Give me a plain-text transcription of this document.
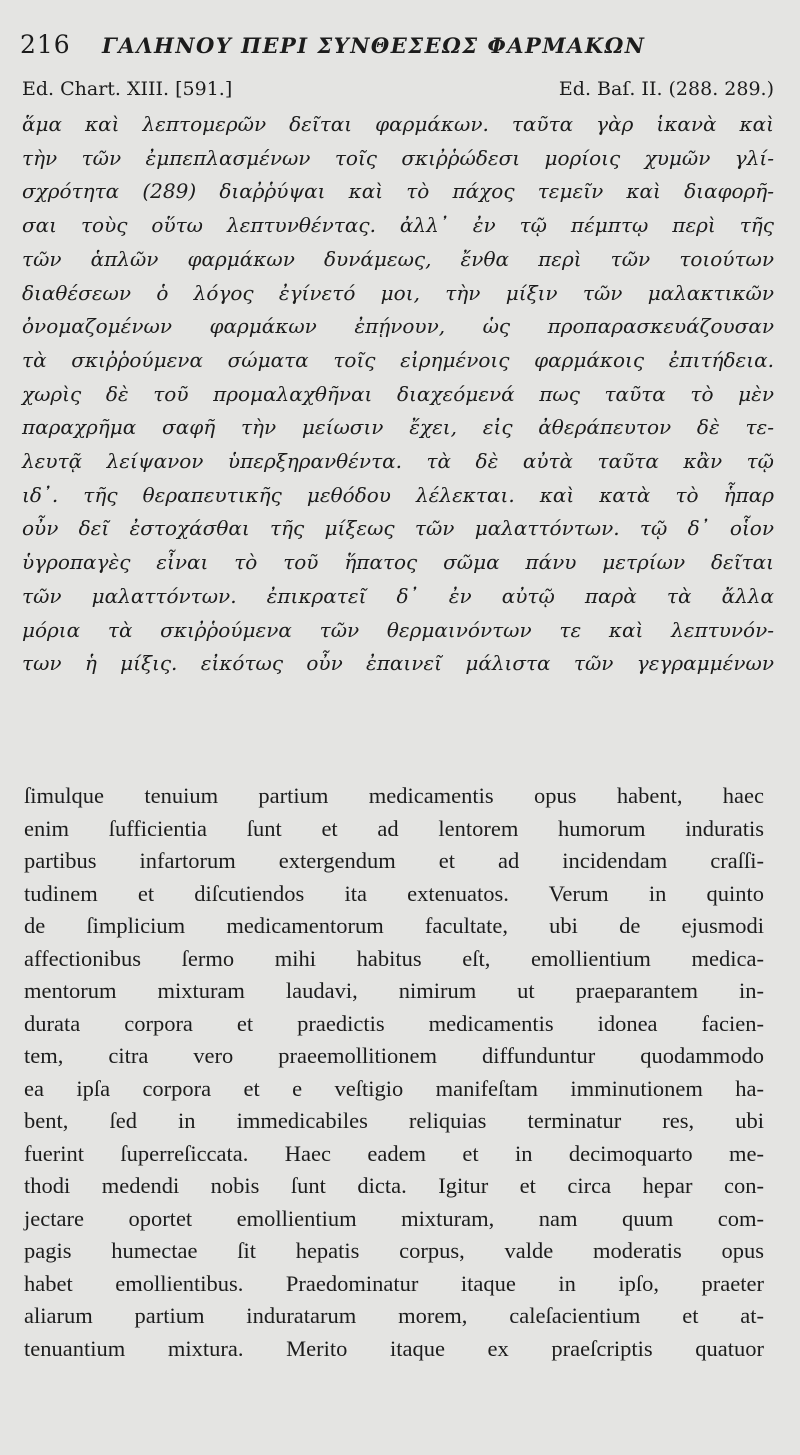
216	ΓΑΛΗΝΟΥ ΠΕΡΙ ΣΥΝΘΕΣΕΩΣ ΦΑΡΜΑΚΩΝ
Ed. Chart. XIII. [591.]	Ed. Baſ. II. (288. 289.)
ἅμα καὶ λεπτομερῶν δεῖται φαρμάκων. ταῦτα γὰρ ἱκανὰ καὶ
τὴν τῶν ἐμπεπλασμένων τοῖς σκιῤῥώδεσι μορίοις χυμῶν γλί-
σχρότητα (289) διαῤῥύψαι καὶ τὸ πάχος τεμεῖν καὶ διαφορῆ-
σαι τοὺς οὕτω λεπτυνθέντας. ἀλλ᾽ ἐν τῷ πέμπτῳ περὶ τῆς
τῶν ἁπλῶν φαρμάκων δυνάμεως, ἔνθα περὶ τῶν τοιούτων
διαθέσεων ὁ λόγος ἐγίνετό μοι, τὴν μίξιν τῶν μαλακτικῶν
ὀνομαζομένων φαρμάκων ἐπῄνουν, ὡς προπαρασκευάζουσαν
τὰ σκιῤῥούμενα σώματα τοῖς εἰρημένοις φαρμάκοις ἐπιτήδεια.
χωρὶς δὲ τοῦ προμαλαχθῆναι διαχεόμενά πως ταῦτα τὸ μὲν
παραχρῆμα σαφῆ τὴν μείωσιν ἔχει, εἰς ἀθεράπευτον δὲ τε-
λευτᾷ λείψανον ὑπερξηρανθέντα. τὰ δὲ αὐτὰ ταῦτα κἂν τῷ
ιδ᾽. τῆς θεραπευτικῆς μεθόδου λέλεκται. καὶ κατὰ τὸ ἧπαρ
οὖν δεῖ ἐστοχάσθαι τῆς μίξεως τῶν μαλαττόντων. τῷ δ᾽ οἷον
ὑγροπαγὲς εἶναι τὸ τοῦ ἥπατος σῶμα πάνυ μετρίων δεῖται
τῶν μαλαττόντων. ἐπικρατεῖ δ᾽ ἐν αὐτῷ παρὰ τὰ ἄλλα
μόρια τὰ σκιῤῥούμενα τῶν θερμαινόντων τε καὶ λεπτυνόν-
των ἡ μίξις. εἰκότως οὖν ἐπαινεῖ μάλιστα τῶν γεγραμμένων
ſimulque tenuium partium medicamentis opus habent, haec
enim ſufficientia ſunt et ad lentorem humorum induratis
partibus infartorum extergendum et ad incidendam craſſi-
tudinem et diſcutiendos ita extenuatos. Verum in quinto
de ſimplicium medicamentorum facultate, ubi de ejusmodi
affectionibus ſermo mihi habitus eſt, emollientium medica-
mentorum mixturam laudavi, nimirum ut praeparantem in-
durata corpora et praedictis medicamentis idonea facien-
tem, citra vero praeemollitionem diffunduntur quodammodo
ea ipſa corpora et e veſtigio manifeſtam imminutionem ha-
bent, ſed in immedicabiles reliquias terminatur res, ubi
fuerint ſuperreſiccata. Haec eadem et in decimoquarto me-
thodi medendi nobis ſunt dicta. Igitur et circa hepar con-
jectare oportet emollientium mixturam, nam quum com-
pagis humectae ſit hepatis corpus, valde moderatis opus
habet emollientibus. Praedominatur itaque in ipſo, praeter
aliarum partium induratarum morem, caleſacientium et at-
tenuantium mixtura. Merito itaque ex praeſcriptis quatuor
